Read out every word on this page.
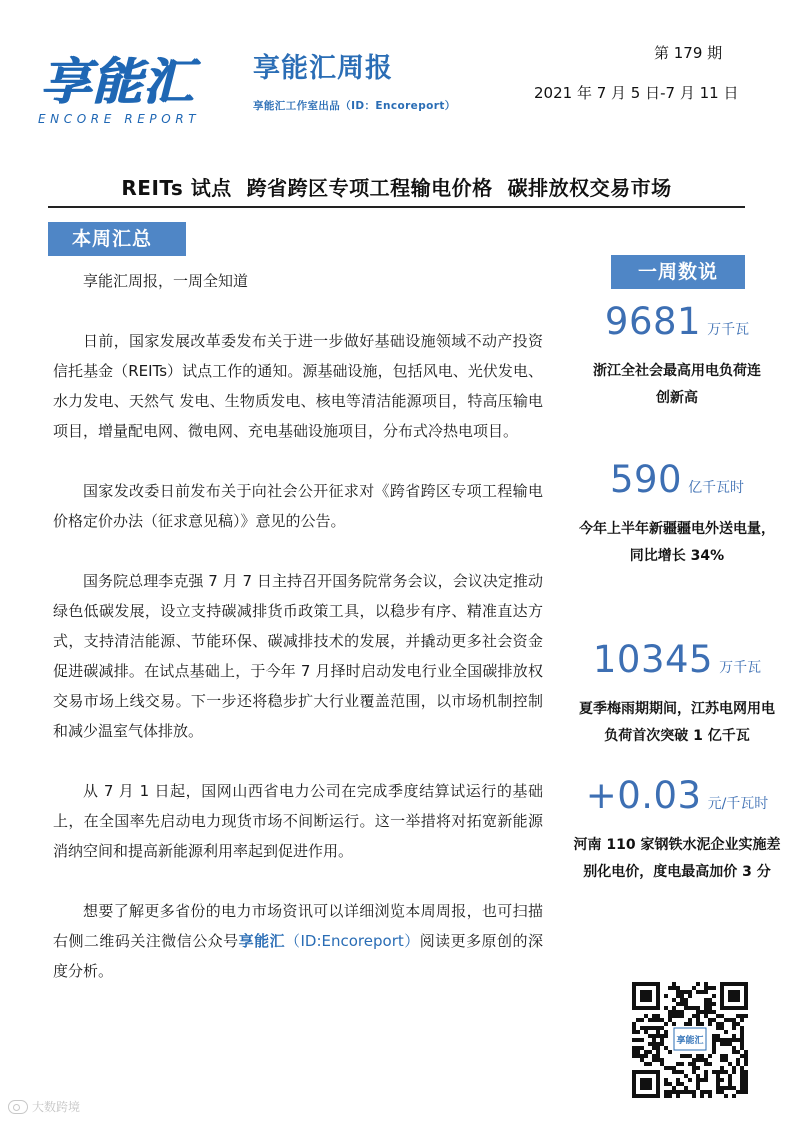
享能汇
ENCORE REPORT
享能汇周报
享能汇工作室出品（ID：Encoreport）
第 179 期
2021 年 7 月 5 日-7 月 11 日
REITs 试点  跨省跨区专项工程输电价格  碳排放权交易市场
本周汇总

享能汇周报，一周全知道

日前，国家发展改革委发布关于进一步做好基础设施领域不动产投资信托基金（REITs）试点工作的通知。源基础设施，包括风电、光伏发电、水力发电、天然气 发电、生物质发电、核电等清洁能源项目，特高压输电项目，增量配电网、微电网、充电基础设施项目，分布式冷热电项目。

国家发改委日前发布关于向社会公开征求对《跨省跨区专项工程输电价格定价办法（征求意见稿）》意见的公告。

国务院总理李克强 7 月 7 日主持召开国务院常务会议，会议决定推动绿色低碳发展，设立支持碳减排货币政策工具，以稳步有序、精准直达方式，支持清洁能源、节能环保、碳减排技术的发展，并撬动更多社会资金促进碳减排。在试点基础上，于今年 7 月择时启动发电行业全国碳排放权交易市场上线交易。下一步还将稳步扩大行业覆盖范围，以市场机制控制和减少温室气体排放。

从 7 月 1 日起，国网山西省电力公司在完成季度结算试运行的基础上，在全国率先启动电力现货市场不间断运行。这一举措将对拓宽新能源消纳空间和提高新能源利用率起到促进作用。

想要了解更多省份的电力市场资讯可以详细浏览本周周报，也可扫描右侧二维码关注微信公众号享能汇（ID:Encoreport）阅读更多原创的深度分析。

一周数说
9681 万千瓦
浙江全社会最高用电负荷连创新高
590 亿千瓦时
今年上半年新疆疆电外送电量，同比增长 34%
10345 万千瓦
夏季梅雨期期间，江苏电网用电负荷首次突破 1 亿千瓦
+0.03 元/千瓦时
河南 110 家钢铁水泥企业实施差别化电价，度电最高加价 3 分
享能汇
大数跨境
